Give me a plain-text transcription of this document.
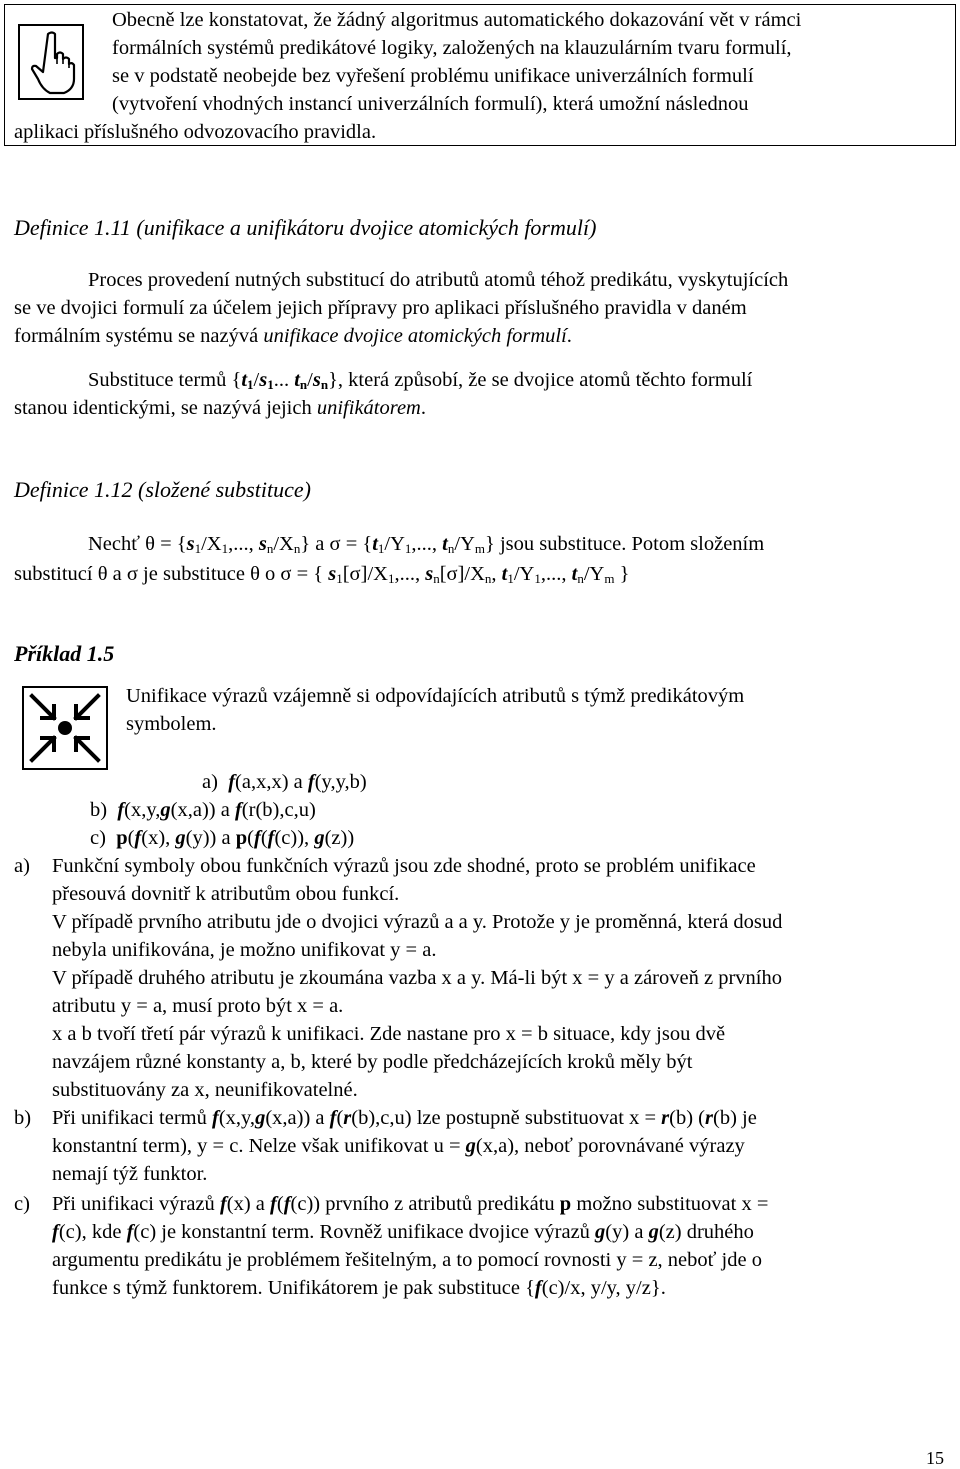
Obecně lze konstatovat, že žádný algoritmus automatického dokazování vět v rámci
formálních systémů predikátové logiky, založených na klauzulárním tvaru formulí,
se v podstatě neobejde bez vyřešení problému unifikace univerzálních formulí
(vytvoření vhodných instancí univerzálních formulí), která umožní následnou
aplikaci příslušného odvozovacího pravidla.
Definice 1.11 (unifikace a unifikátoru dvojice atomických formulí)
Proces provedení nutných substitucí do atributů atomů téhož predikátu, vyskytujících
se ve dvojici formulí za účelem jejich přípravy pro aplikaci příslušného pravidla v daném
formálním systému se nazývá unifikace dvojice atomických formulí.
Substituce termů {$t_1/s_1$... $t_n/s_n$}, která způsobí, že se dvojice atomů těchto formulí
stanou identickými, se nazývá jejich unifikátorem.
Definice 1.12 (složené substituce)
Nechť $\theta = \{s_1/X_1$,..., $s_n/X_n$} a $\sigma = \{t_1/Y_1$,..., $t_n/Y_m$} jsou substituce. Potom složením
substitucí θ a σ je substituce θ o σ = { $s_1[\sigma]/X_1$,..., $s_n[\sigma]/X_n$, $t_1/Y_1$,..., $t_n/Y_m$ }
Příklad 1.5
Unifikace výrazů vzájemně si odpovídajících atributů s týmž predikátovým
symbolem.
a) f(a,x,x) a f(y,y,b)
b) f(x,y,g(x,a)) a f(r(b),c,u)
c) p(f(x), g(y)) a p(f(f(c)), g(z))
a) Funkční symboly obou funkčních výrazů jsou zde shodné, proto se problém unifikace
přesouvá dovnitř k atributům obou funkcí.
V případě prvního atributu jde o dvojici výrazů a a y. Protože y je proměnná, která dosud
nebyla unifikována, je možno unifikovat y = a.
V případě druhého atributu je zkoumána vazba x a y. Má-li být x = y a zároveň z prvního
atributu y = a, musí proto být x = a.
x a b tvoří třetí pár výrazů k unifikaci. Zde nastane pro x = b situace, kdy jsou dvě
navzájem různé konstanty a, b, které by podle předcházejících kroků měly být
substituovány za x, neunifikovatelné.
b) Při unifikaci termů f(x,y,g(x,a)) a f(r(b),c,u) lze postupně substituovat x = r(b) (r(b) je
konstantní term), y = c. Nelze však unifikovat u = g(x,a), neboť porovnávané výrazy
nemají týž funktor.
c) Při unifikaci výrazů f(x) a f(f(c)) prvního z atributů predikátu p možno substituovat x =
f(c), kde f(c) je konstantní term. Rovněž unifikace dvojice výrazů g(y) a g(z) druhého
argumentu predikátu je problémem řešitelným, a to pomocí rovnosti y = z, neboť jde o
funkce s týmž funktorem. Unifikátorem je pak substituce {f(c)/x, y/y, y/z}.
15
